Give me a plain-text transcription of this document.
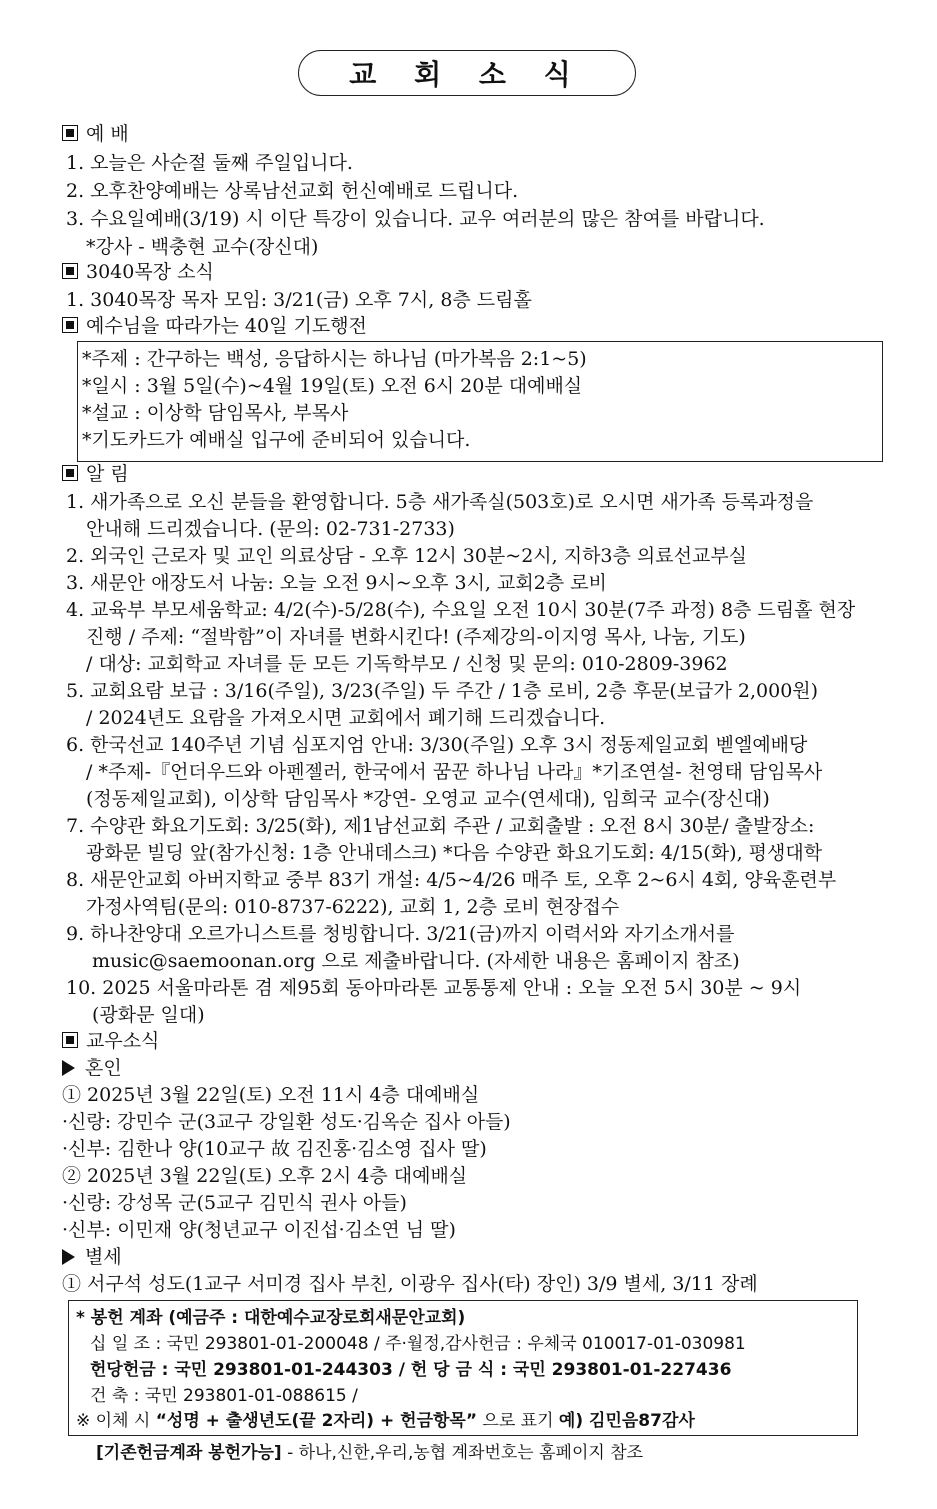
교 회 소 식
예 배
1. 오늘은 사순절 둘째 주일입니다.
2. 오후찬양예배는 상록남선교회 헌신예배로 드립니다.
3. 수요일예배(3/19) 시 이단 특강이 있습니다. 교우 여러분의 많은 참여를 바랍니다.
*강사 - 백충현 교수(장신대)
3040목장 소식
1. 3040목장 목자 모임: 3/21(금) 오후 7시, 8층 드림홀
예수님을 따라가는 40일 기도행전
*주제 : 간구하는 백성, 응답하시는 하나님 (마가복음 2:1~5)
*일시 : 3월 5일(수)~4월 19일(토) 오전 6시 20분 대예배실
*설교 : 이상학 담임목사, 부목사
*기도카드가 예배실 입구에 준비되어 있습니다.
알 림
1. 새가족으로 오신 분들을 환영합니다. 5층 새가족실(503호)로 오시면 새가족 등록과정을
안내해 드리겠습니다. (문의: 02-731-2733)
2. 외국인 근로자 및 교인 의료상담 - 오후 12시 30분~2시, 지하3층 의료선교부실
3. 새문안 애장도서 나눔: 오늘 오전 9시~오후 3시, 교회2층 로비
4. 교육부 부모세움학교: 4/2(수)-5/28(수), 수요일 오전 10시 30분(7주 과정) 8층 드림홀 현장
진행 / 주제: “절박함”이 자녀를 변화시킨다! (주제강의-이지영 목사, 나눔, 기도)
/ 대상: 교회학교 자녀를 둔 모든 기독학부모 / 신청 및 문의: 010-2809-3962
5. 교회요람 보급 : 3/16(주일), 3/23(주일) 두 주간 / 1층 로비, 2층 후문(보급가 2,000원)
/ 2024년도 요람을 가져오시면 교회에서 폐기해 드리겠습니다.
6. 한국선교 140주년 기념 심포지엄 안내: 3/30(주일) 오후 3시 정동제일교회 벧엘예배당
/ *주제-『언더우드와 아펜젤러, 한국에서 꿈꾼 하나님 나라』*기조연설- 천영태 담임목사
(정동제일교회), 이상학 담임목사 *강연- 오영교 교수(연세대), 임희국 교수(장신대)
7. 수양관 화요기도회: 3/25(화), 제1남선교회 주관 / 교회출발 : 오전 8시 30분/ 출발장소:
광화문 빌딩 앞(참가신청: 1층 안내데스크) *다음 수양관 화요기도회: 4/15(화), 평생대학
8. 새문안교회 아버지학교 중부 83기 개설: 4/5~4/26 매주 토, 오후 2~6시 4회, 양육훈련부
가정사역팀(문의: 010-8737-6222), 교회 1, 2층 로비 현장접수
9. 하나찬양대 오르가니스트를 청빙합니다. 3/21(금)까지 이력서와 자기소개서를
music@saemoonan.org 으로 제출바랍니다. (자세한 내용은 홈페이지 참조)
10. 2025 서울마라톤 겸 제95회 동아마라톤 교통통제 안내 : 오늘 오전 5시 30분 ~ 9시
(광화문 일대)
교우소식
혼인
① 2025년 3월 22일(토) 오전 11시 4층 대예배실
·신랑: 강민수 군(3교구 강일환 성도·김옥순 집사 아들)
·신부: 김한나 양(10교구 故 김진홍·김소영 집사 딸)
② 2025년 3월 22일(토) 오후 2시 4층 대예배실
·신랑: 강성목 군(5교구 김민식 권사 아들)
·신부: 이민재 양(청년교구 이진섭·김소연 님 딸)
별세
① 서구석 성도(1교구 서미경 집사 부친, 이광우 집사(타) 장인) 3/9 별세, 3/11 장례
* 봉헌 계좌 (예금주 : 대한예수교장로회새문안교회)
십 일 조 : 국민 293801-01-200048 / 주·월정,감사헌금 : 우체국 010017-01-030981
헌당헌금 : 국민 293801-01-244303 / 헌 당 금 식 : 국민 293801-01-227436
건 축 : 국민 293801-01-088615 /
※ 이체 시 “성명 + 출생년도(끝 2자리) + 헌금항목” 으로 표기 예) 김민음87감사
[기존헌금계좌 봉헌가능] - 하나,신한,우리,농협 계좌번호는 홈페이지 참조
